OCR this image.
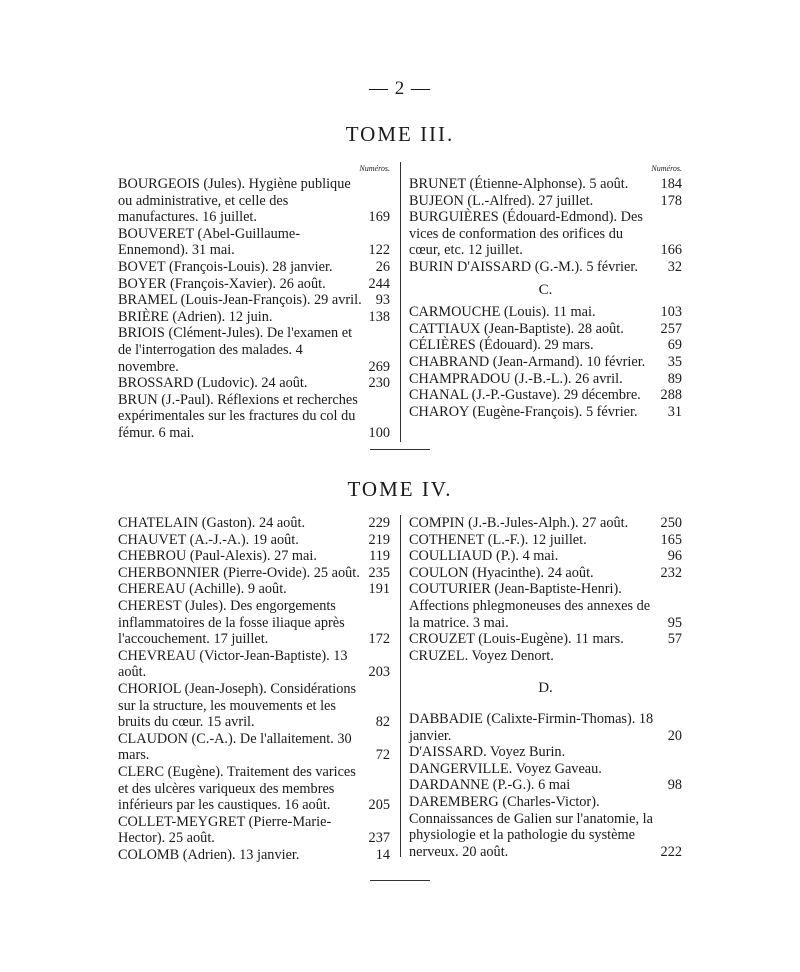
— 2 —
TOME III.
Numéros.
BOURGEOIS (Jules). Hygiène publique ou administrative, et celle des manufactures. 16 juillet.	169
BOUVERET (Abel-Guillaume-Ennemond). 31 mai.	122
BOVET (François-Louis). 28 janvier.	26
BOYER (François-Xavier). 26 août.	244
BRAMEL (Louis-Jean-François). 29 avril. 93
BRIÈRE (Adrien). 12 juin.	138
BRIOIS (Clément-Jules). De l'examen et de l'interrogation des malades. 4 novembre.	269
BROSSARD (Ludovic). 24 août.	230
BRUN (J.-Paul). Réflexions et recherches expérimentales sur les fractures du col du fémur. 6 mai.	100
Numéros.
BRUNET (Étienne-Alphonse). 5 août.	184
BUJEON (L.-Alfred). 27 juillet.	178
BURGUIÈRES (Édouard-Edmond). Des vices de conformation des orifices du cœur, etc. 12 juillet.	166
BURIN D'AISSARD (G.-M.). 5 février.	32
C.
CARMOUCHE (Louis). 11 mai.	103
CATTIAUX (Jean-Baptiste). 28 août.	257
CÉLIÈRES (Édouard). 29 mars.	69
CHABRAND (Jean-Armand). 10 février.	35
CHAMPRADOU (J.-B.-L.). 26 avril.	89
CHANAL (J.-P.-Gustave). 29 décembre.	288
CHAROY (Eugène-François). 5 février.	31
TOME IV.
CHATELAIN (Gaston). 24 août.	229
CHAUVET (A.-J.-A.). 19 août.	219
CHEBROU (Paul-Alexis). 27 mai.	119
CHERBONNIER (Pierre-Ovide). 25 août. 235
CHEREAU (Achille). 9 août.	191
CHEREST (Jules). Des engorgements inflammatoires de la fosse iliaque après l'accouchement. 17 juillet.	172
CHEVREAU (Victor-Jean-Baptiste). 13 août.	203
CHORIOL (Jean-Joseph). Considérations sur la structure, les mouvements et les bruits du cœur. 15 avril.	82
CLAUDON (C.-A.). De l'allaitement. 30 mars.	72
CLERC (Eugène). Traitement des varices et des ulcères variqueux des membres inférieurs par les caustiques. 16 août.	205
COLLET-MEYGRET (Pierre-Marie-Hector). 25 août.	237
COLOMB (Adrien). 13 janvier.	14
COMPIN (J.-B.-Jules-Alph.). 27 août.	250
COTHENET (L.-F.). 12 juillet.	165
COULLIAUD (P.). 4 mai.	96
COULON (Hyacinthe). 24 août.	232
COUTURIER (Jean-Baptiste-Henri). Affections phlegmoneuses des annexes de la matrice. 3 mai.	95
CROUZET (Louis-Eugène). 11 mars.	57
CRUZEL. Voyez Denort.
D.
DABBADIE (Calixte-Firmin-Thomas). 18 janvier.	20
D'AISSARD. Voyez Burin.
DANGERVILLE. Voyez Gaveau.
DARDANNE (P.-G.). 6 mai	98
DAREMBERG (Charles-Victor). Connaissances de Galien sur l'anatomie, la physiologie et la pathologie du système nerveux. 20 août.	222
